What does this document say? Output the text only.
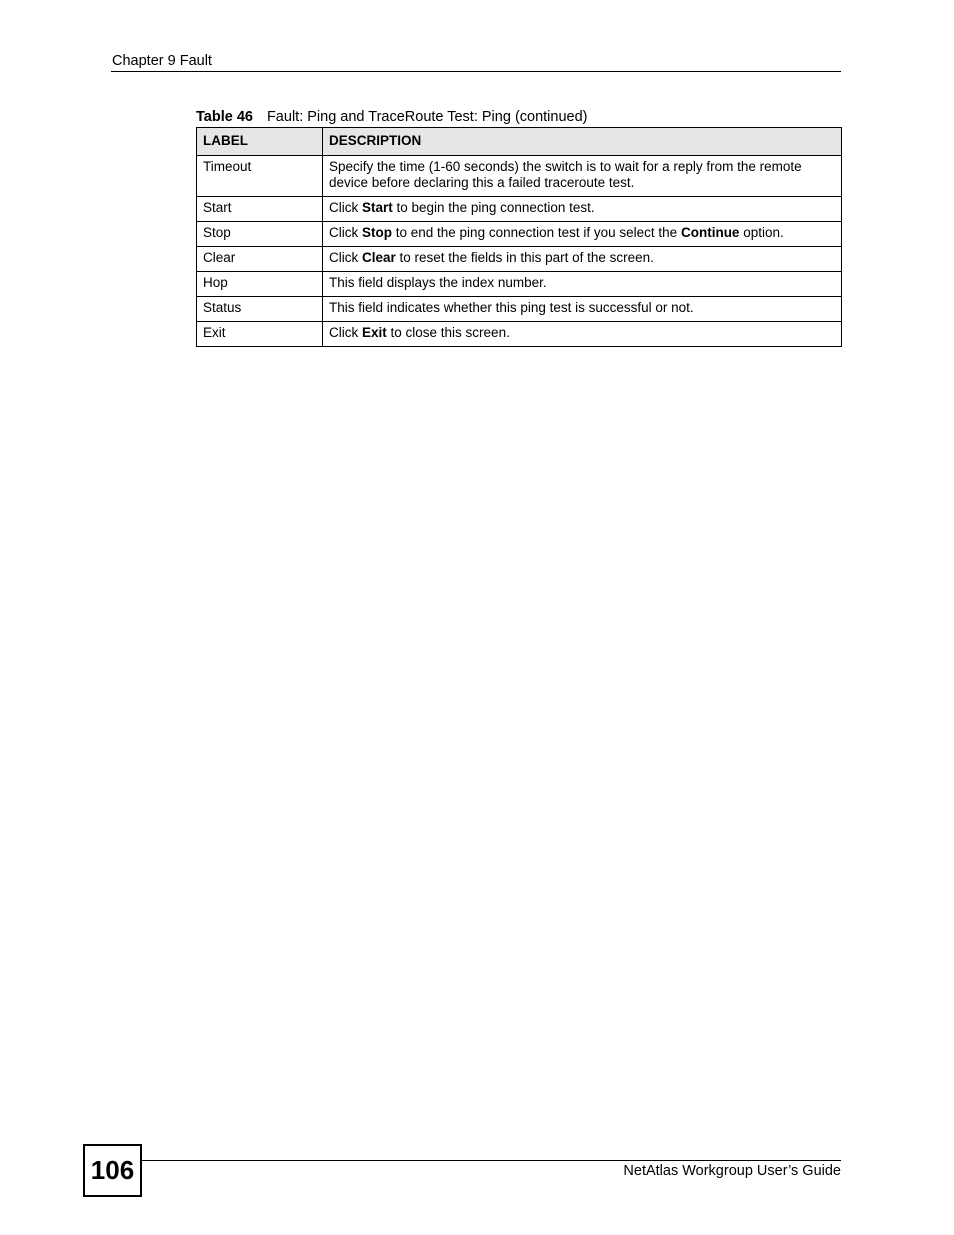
Chapter 9 Fault
Table 46 Fault: Ping and TraceRoute Test: Ping (continued)
LABEL	DESCRIPTION
Timeout	Specify the time (1-60 seconds) the switch is to wait for a reply from the remote device before declaring this a failed traceroute test.
Start	Click Start to begin the ping connection test.
Stop	Click Stop to end the ping connection test if you select the Continue option.
Clear	Click Clear to reset the fields in this part of the screen.
Hop	This field displays the index number.
Status	This field indicates whether this ping test is successful or not.
Exit	Click Exit to close this screen.
106	NetAtlas Workgroup User’s Guide
